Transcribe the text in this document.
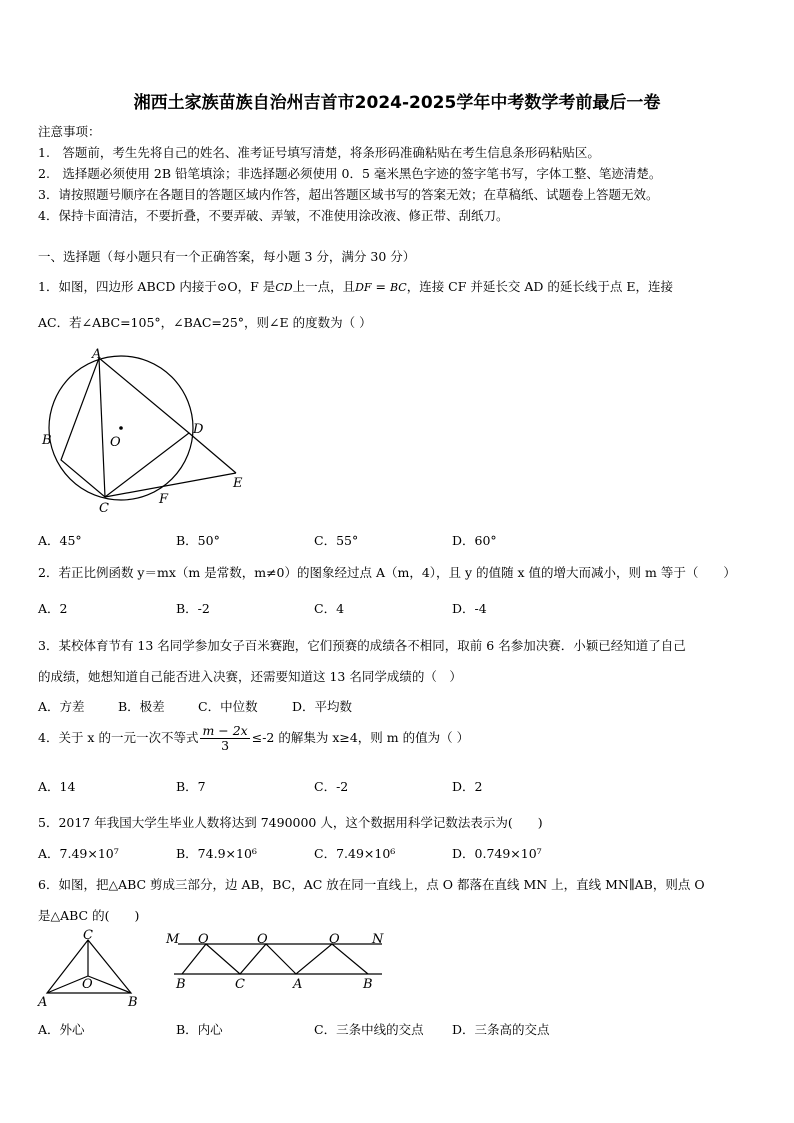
湘西土家族苗族自治州吉首市2024-2025学年中考数学考前最后一卷
注意事项：
1.　答题前，考生先将自己的姓名、准考证号填写清楚，将条形码准确粘贴在考生信息条形码粘贴区。
2.　选择题必须使用 2B 铅笔填涂；非选择题必须使用 0．5 毫米黑色字迹的签字笔书写，字体工整、笔迹清楚。
3．请按照题号顺序在各题目的答题区域内作答，超出答题区域书写的答案无效；在草稿纸、试题卷上答题无效。
4．保持卡面清洁，不要折叠，不要弄破、弄皱，不准使用涂改液、修正带、刮纸刀。
一、选择题（每小题只有一个正确答案，每小题 3 分，满分 30 分）
1．如图，四边形 ABCD 内接于⊙O，F 是CD上一点，且DF = BC，连接 CF 并延长交 AD 的延长线于点 E，连接
AC．若∠ABC=105°，∠BAC=25°，则∠E 的度数为（ ）
A
B
C
D
E
F
O
A．45°	B．50°	C．55°	D．60°
2．若正比例函数 y＝mx（m 是常数，m≠0）的图象经过点 A（m，4），且 y 的值随 x 值的增大而减小，则 m 等于（　　）
A．2	B．-2	C．4	D．-4
3．某校体育节有 13 名同学参加女子百米赛跑，它们预赛的成绩各不相同，取前 6 名参加决赛．小颖已经知道了自己
的成绩，她想知道自己能否进入决赛，还需要知道这 13 名同学成绩的（　）
A．方差	B．极差	C．中位数	D．平均数
4．关于 x 的一元一次不等式 $\frac{m - 2x}{3} \le-2$ 的解集为 x≥4，则 m 的值为（ ）
A．14	B．7	C．-2	D．2
5．2017 年我国大学生毕业人数将达到 7490000 人，这个数据用科学记数法表示为(　　)
A．7.49×10⁷	B．74.9×10⁶	C．7.49×10⁶	D．0.749×10⁷
6．如图，把△ABC 剪成三部分，边 AB，BC，AC 放在同一直线上，点 O 都落在直线 MN 上，直线 MN∥AB，则点 O
是△ABC 的(　　)
C
A	B
O
M O	O	O N
B	C	A	B
A．外心	B．内心	C．三条中线的交点 D．三条高的交点
